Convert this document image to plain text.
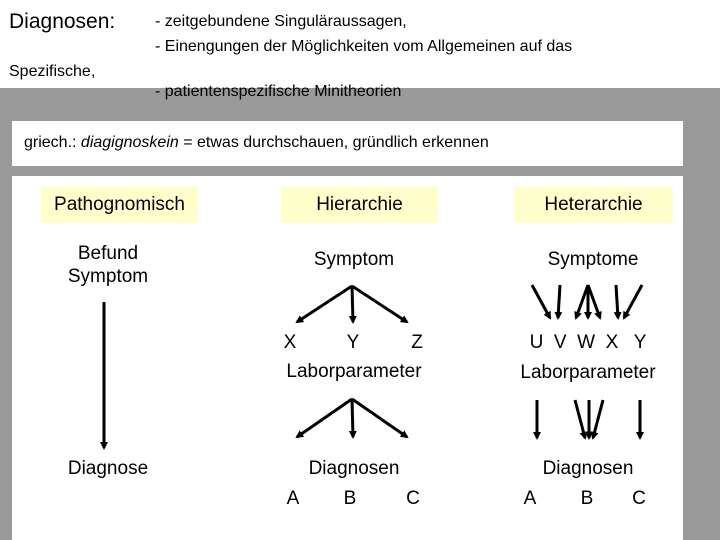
Diagnosen: - zeitgebundene Singuläraussagen,
- Einengungen der Möglichkeiten vom Allgemeinen auf das
Spezifische,
- patientenspezifische Minitheorien
griech.: diagignoskein = etwas durchschauen, gründlich erkennen
Pathognomisch	Hierarchie	Heterarchie
Befund
Symptom
Diagnose
Symptom
X	Y	Z
Laborparameter
Diagnosen
A B	C
Symptome
U  V  W  X   Y
Laborparameter
Diagnosen
A B C
